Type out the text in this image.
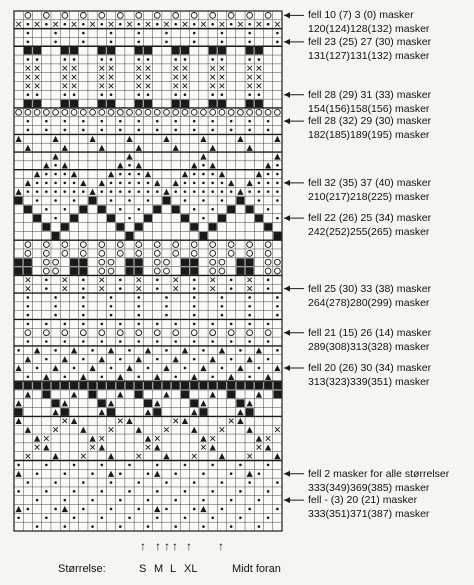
fell 10 (7) 3 (0) masker
120(124)128(132) masker
fell 23 (25) 27 (30) masker
131(127)131(132) masker
fell 28 (29) 31 (33) masker
154(156)158(156) masker
fell 28 (32) 29 (30) masker
182(185)189(195) masker
fell 32 (35) 37 (40) masker
210(217)218(225) masker
fell 22 (26) 25 (34) masker
242(252)255(265) masker
fell 25 (30) 33 (38) masker
264(278)280(299) masker
fell 21 (15) 26 (14) masker
289(308)313(328) masker
fell 20 (26) 30 (34) masker
313(323)339(351) masker
fell 2 masker for alle størrelser
333(349)369(385) masker
fell - (3) 20 (21) masker
333(351)371(387) masker
Størrelse:	S M L XL	Midt foran
↑ ↑ ↑ ↑ ↑ ↑
